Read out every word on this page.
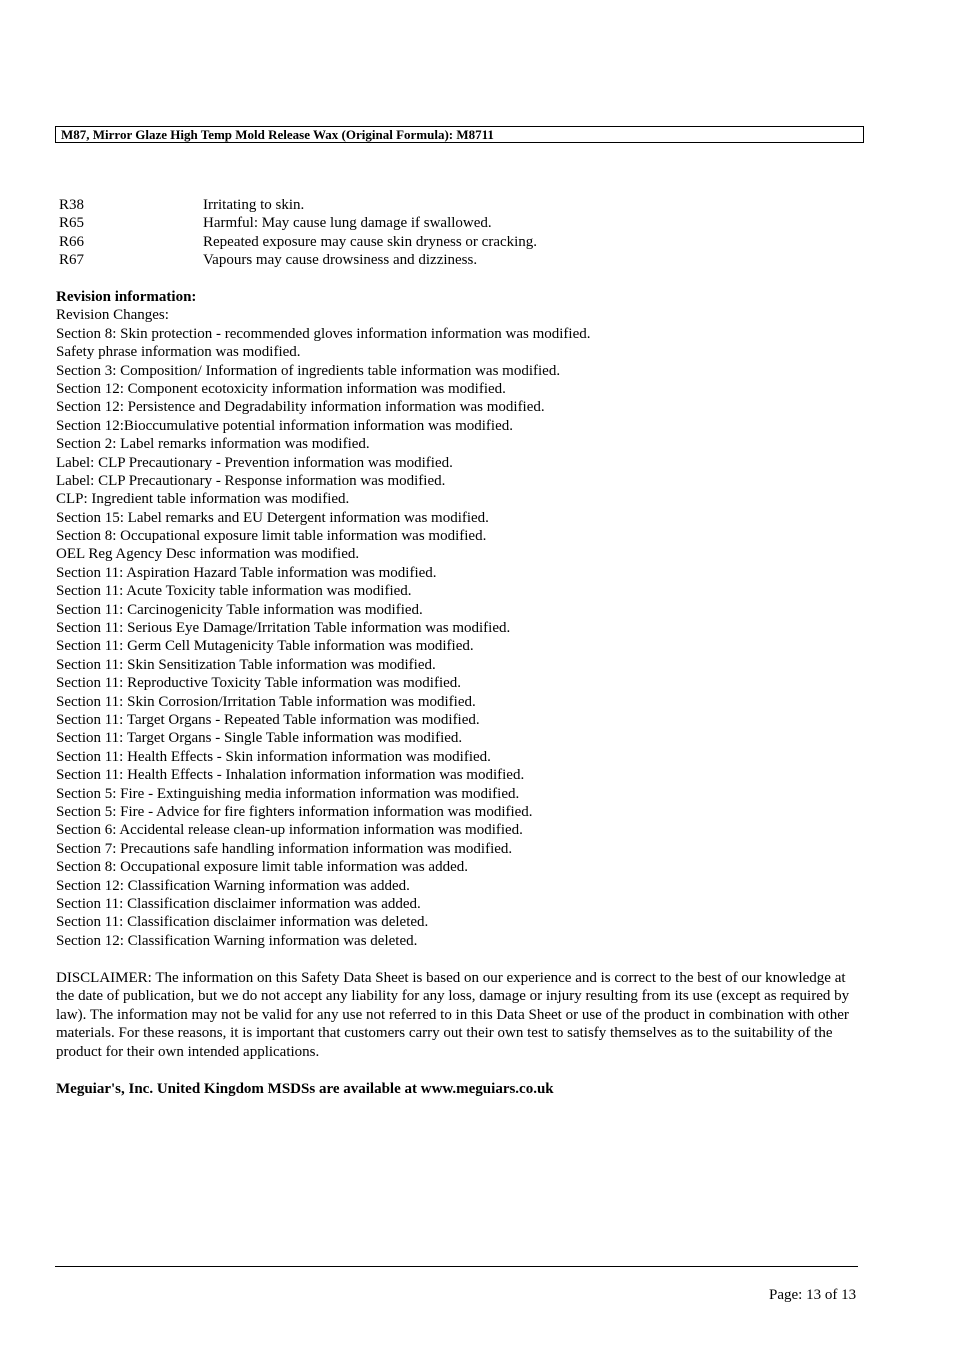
M87, Mirror Glaze High Temp Mold Release Wax (Original Formula): M8711
R38	Irritating to skin.
R65	Harmful: May cause lung damage if swallowed.
R66	Repeated exposure may cause skin dryness or cracking.
R67	Vapours may cause drowsiness and dizziness.
Revision information:
Revision Changes:
Section 8: Skin protection - recommended gloves information information was modified.
Safety phrase information was modified.
Section 3: Composition/ Information of ingredients table information was modified.
Section 12: Component ecotoxicity information information was modified.
Section 12: Persistence and Degradability information information was modified.
Section 12:Bioccumulative potential information information was modified.
Section 2: Label remarks information was modified.
Label: CLP Precautionary - Prevention information was modified.
Label: CLP Precautionary - Response information was modified.
CLP: Ingredient table information was modified.
Section 15: Label remarks and EU Detergent information was modified.
Section 8: Occupational exposure limit table information was modified.
OEL Reg Agency Desc information was modified.
Section 11: Aspiration Hazard Table information was modified.
Section 11: Acute Toxicity table information was modified.
Section 11: Carcinogenicity Table information was modified.
Section 11: Serious Eye Damage/Irritation Table information was modified.
Section 11: Germ Cell Mutagenicity Table information was modified.
Section 11: Skin Sensitization Table information was modified.
Section 11: Reproductive Toxicity Table information was modified.
Section 11: Skin Corrosion/Irritation Table information was modified.
Section 11: Target Organs - Repeated Table information was modified.
Section 11: Target Organs - Single Table information was modified.
Section 11: Health Effects - Skin information information was modified.
Section 11: Health Effects - Inhalation information information was modified.
Section 5: Fire - Extinguishing media information information was modified.
Section 5: Fire - Advice for fire fighters information information was modified.
Section 6: Accidental release clean-up information information was modified.
Section 7: Precautions safe handling information information was modified.
Section 8: Occupational exposure limit table information was added.
Section 12: Classification Warning information was added.
Section 11: Classification disclaimer information was added.
Section 11: Classification disclaimer information was deleted.
Section 12: Classification Warning information was deleted.
DISCLAIMER: The information on this Safety Data Sheet is based on our experience and is correct to the best of our knowledge at the date of publication, but we do not accept any liability for any loss, damage or injury resulting from its use (except as required by law). The information may not be valid for any use not referred to in this Data Sheet or use of the product in combination with other materials. For these reasons, it is important that customers carry out their own test to satisfy themselves as to the suitability of the product for their own intended applications.
Meguiar's, Inc. United Kingdom MSDSs are available at www.meguiars.co.uk
Page: 13 of 13
